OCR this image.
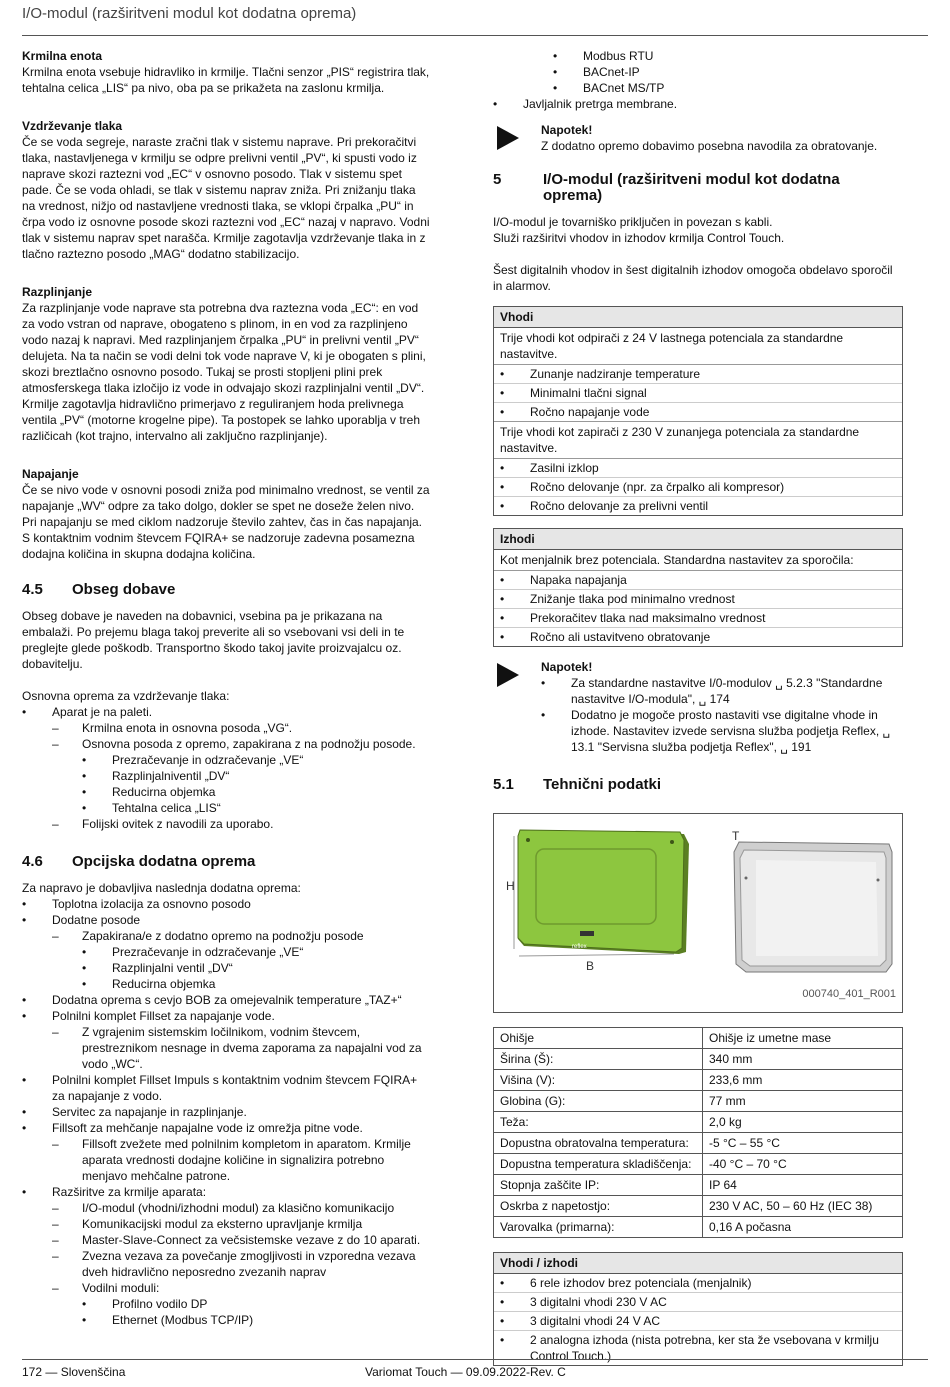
I/O-modul (razširitveni modul kot dodatna oprema)

Krmilna enota

Krmilna enota vsebuje hidravliko in krmilje. Tlačni senzor „PIS“ registrira tlak, tehtalna celica „LIS“ pa nivo, oba pa se prikažeta na zaslonu krmilja.

Vzdrževanje tlaka

Če se voda segreje, naraste zračni tlak v sistemu naprave. Pri prekoračitvi tlaka, nastavljenega v krmilju se odpre prelivni ventil „PV“, ki spusti vodo iz naprave skozi raztezni vod „EC“ v osnovno posodo. Tlak v sistemu spet pade. Če se voda ohladi, se tlak v sistemu naprav zniža. Pri znižanju tlaka na vrednost, nižjo od nastavljene vrednosti tlaka, se vklopi črpalka „PU“ in črpa vodo iz osnovne posode skozi raztezni vod „EC“ nazaj v napravo. Vodni tlak v sistemu naprav spet narašča. Krmilje zagotavlja vzdrževanje tlaka in z tlačno raztezno posodo „MAG“ dodatno stabilizacijo.

Razplinjanje

Za razplinjanje vode naprave sta potrebna dva raztezna voda „EC“: en vod za vodo vstran od naprave, obogateno s plinom, in en vod za razplinjeno vodo nazaj k napravi. Med razplinjanjem črpalka „PU“ in prelivni ventil „PV“ delujeta. Na ta način se vodi delni tok vode naprave V, ki je obogaten s plini, skozi breztlačno osnovno posodo. Tukaj se prosti stopljeni plini prek atmosferskega tlaka izločijo iz vode in odvajajo skozi razplinjalni ventil „DV“. Krmilje zagotavlja hidravlično primerjavo z reguliranjem hoda prelivnega ventila „PV“ (motorne krogelne pipe). Ta postopek se lahko uporablja v treh različicah (kot trajno, intervalno ali zaključno razplinjanje).

Napajanje

Če se nivo vode v osnovni posodi zniža pod minimalno vrednost, se ventil za napajanje „WV“ odpre za tako dolgo, dokler se spet ne doseže želen nivo. Pri napajanju se med ciklom nadzoruje število zahtev, čas in čas napajanja. S kontaktnim vodnim števcem FQIRA+ se nadzoruje zadevna posamezna dodajna količina in skupna dodajna količina.

4.5	Obseg dobave

Obseg dobave je naveden na dobavnici, vsebina pa je prikazana na embalaži. Po prejemu blaga takoj preverite ali so vsebovani vsi deli in te preglejte glede poškodb. Transportno škodo takoj javite proizvajalcu oz. dobavitelju.

Osnovna oprema za vzdrževanje tlaka:

• Aparat je na paleti.
– Krmilna enota in osnovna posoda „VG“.
– Osnovna posoda z opremo, zapakirana z na podnožju posode.
• Prezračevanje in odzračevanje „VE“
• Razplinjalniventil „DV“
• Reducirna objemka
• Tehtalna celica „LIS“
– Folijski ovitek z navodili za uporabo.
4.6	Opcijska dodatna oprema

Za napravo je dobavljiva naslednja dodatna oprema:

• Toplotna izolacija za osnovno posodo
• Dodatne posode
– Zapakirana/e z dodatno opremo na podnožju posode
• Prezračevanje in odzračevanje „VE“
• Razplinjalni ventil „DV“
• Reducirna objemka
• Dodatna oprema s cevjo BOB za omejevalnik temperature „TAZ+“
• Polnilni komplet Fillset za napajanje vode.
– Z vgrajenim sistemskim ločilnikom, vodnim števcem, prestreznikom nesnage in dvema zaporama za napajalni vod za vodo „WC“.
• Polnilni komplet Fillset Impuls s kontaktnim vodnim števcem FQIRA+ za napajanje z vodo.
• Servitec za napajanje in razplinjanje.
• Fillsoft za mehčanje napajalne vode iz omrežja pitne vode.
– Fillsoft zvežete med polnilnim kompletom in aparatom. Krmilje aparata vrednosti dodajne količine in signalizira potrebno menjavo mehčalne patrone.
• Razširitve za krmilje aparata:
– I/O-modul (vhodni/izhodni modul) za klasično komunikacijo
– Komunikacijski modul za eksterno upravljanje krmilja
– Master-Slave-Connect za večsistemske vezave z do 10 aparati.
– Zvezna vezava za povečanje zmogljivosti in vzporedna vezava dveh hidravlično neposredno zvezanih naprav
– Vodilni moduli:
• Profilno vodilo DP
• Ethernet (Modbus TCP/IP)
• Modbus RTU
• BACnet-IP
• BACnet MS/TP
• Javljalnik pretrga membrane.
Napotek!
Z dodatno opremo dobavimo posebna navodila za obratovanje.
5	I/O-modul (razširitveni modul kot dodatna oprema)

I/O-modul je tovarniško priključen in povezan s kabli.
Služi razširitvi vhodov in izhodov krmilja Control Touch.

Šest digitalnih vhodov in šest digitalnih izhodov omogoča obdelavo sporočil in alarmov.

Vhodi
Trije vhodi kot odpirači z 24 V lastnega potenciala za standardne nastavitve.
• Zunanje nadziranje temperature
• Minimalni tlačni signal
• Ročno napajanje vode
Trije vhodi kot zapirači z 230 V zunanjega potenciala za standardne nastavitve.
• Zasilni izklop
• Ročno delovanje (npr. za črpalko ali kompresor)
• Ročno delovanje za prelivni ventil
Izhodi
Kot menjalnik brez potenciala. Standardna nastavitev za sporočila:
• Napaka napajanja
• Znižanje tlaka pod minimalno vrednost
• Prekoračitev tlaka nad maksimalno vrednost
• Ročno ali ustavitveno obratovanje
Napotek!
• Za standardne nastavitve I/0-modulov ␣ 5.2.3 "Standardne nastavitve I/O-modula", ␣ 174
• Dodatno je mogoče prosto nastaviti vse digitalne vhode in izhode. Nastavitev izvede servisna služba podjetja Reflex, ␣ 13.1 "Servisna služba podjetja Reflex", ␣ 191
5.1	Tehnični podatki
H
B
T
reflex
000740_401_R001
Ohišje	Ohišje iz umetne mase
Širina (Š):	340 mm
Višina (V):	233,6 mm
Globina (G):	77 mm
Teža:	2,0 kg
Dopustna obratovalna temperatura:	-5 °C – 55 °C
Dopustna temperatura skladiščenja:	-40 °C – 70 °C
Stopnja zaščite IP:	IP 64
Oskrba z napetostjo:	230 V AC, 50 – 60 Hz (IEC 38)
Varovalka (primarna):	0,16 A počasna
Vhodi / izhodi
• 6 rele izhodov brez potenciala (menjalnik)
• 3 digitalni vhodi 230 V AC
• 3 digitalni vhodi 24 V AC
• 2 analogna izhoda (nista potrebna, ker sta že vsebovana v krmilju Control Touch.)
172 — Slovenščina	Variomat Touch — 09.09.2022-Rev. C
